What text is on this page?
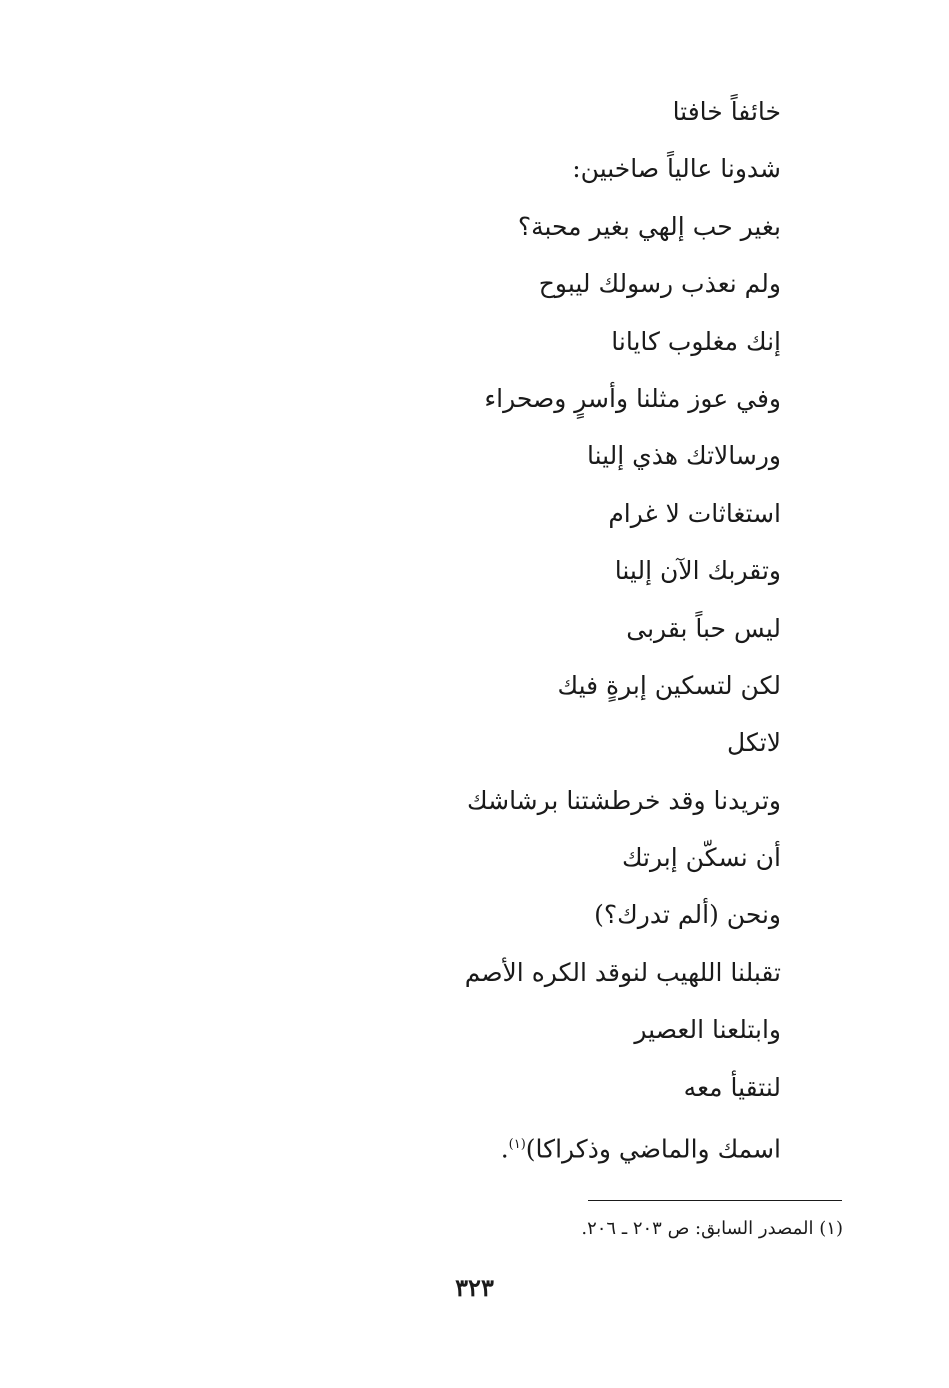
خائفاً خافتا
شدونا عالياً صاخبين:
بغير حب إلهي بغير محبة؟
ولم نعذب رسولك ليبوح
إنك مغلوب كايانا
وفي عوز مثلنا وأسرٍ وصحراء
ورسالاتك هذي إلينا
استغاثات لا غرام
وتقربك الآن إلينا
ليس حباً بقربى
لكن لتسكين إبرةٍ فيك
لاتكل
وتريدنا وقد خرطشتنا برشاشك
أن نسكّن إبرتك
ونحن (ألم تدرك؟)
تقبلنا اللهيب لنوقد الكره الأصم
وابتلعنا العصير
لنتقيأ معه
اسمك والماضي وذكراكا)$^{(١)}$.
(١) المصدر السابق: ص ٢٠٣ ـ ٢٠٦.
٣٢٣
